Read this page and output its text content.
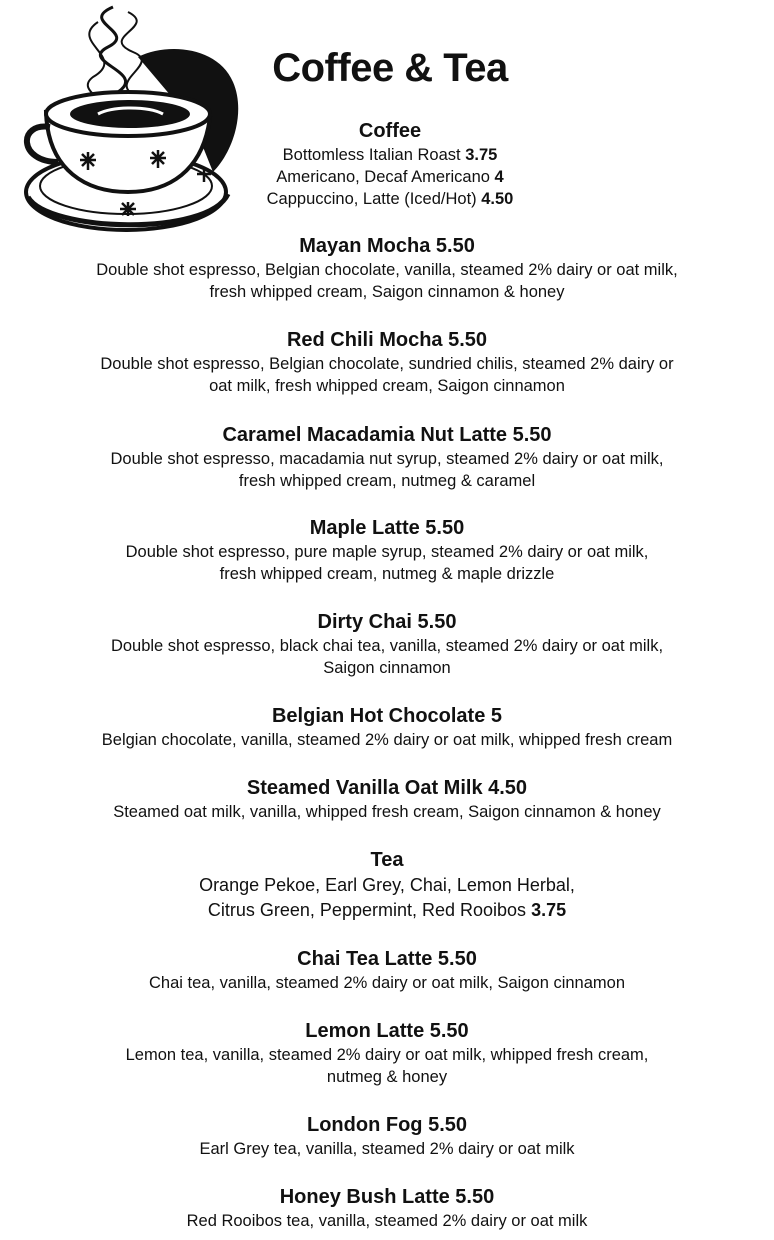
Coffee & Tea
Coffee
Bottomless Italian Roast 3.75
Americano, Decaf Americano 4
Cappuccino, Latte (Iced/Hot) 4.50
Mayan Mocha 5.50
Double shot espresso, Belgian chocolate, vanilla, steamed 2% dairy or oat milk,
fresh whipped cream, Saigon cinnamon & honey
Red Chili Mocha 5.50
Double shot espresso, Belgian chocolate, sundried chilis, steamed 2% dairy or
oat milk, fresh whipped cream, Saigon cinnamon
Caramel Macadamia Nut Latte 5.50
Double shot espresso, macadamia nut syrup, steamed 2% dairy or oat milk,
fresh whipped cream, nutmeg & caramel
Maple Latte 5.50
Double shot espresso, pure maple syrup, steamed 2% dairy or oat milk,
fresh whipped cream, nutmeg & maple drizzle
Dirty Chai 5.50
Double shot espresso, black chai tea, vanilla, steamed 2% dairy or oat milk,
Saigon cinnamon
Belgian Hot Chocolate 5
Belgian chocolate, vanilla, steamed 2% dairy or oat milk, whipped fresh cream
Steamed Vanilla Oat Milk 4.50
Steamed oat milk, vanilla, whipped fresh cream, Saigon cinnamon & honey
Tea
Orange Pekoe, Earl Grey, Chai, Lemon Herbal,
Citrus Green, Peppermint, Red Rooibos 3.75
Chai Tea Latte 5.50
Chai tea, vanilla, steamed 2% dairy or oat milk, Saigon cinnamon
Lemon Latte 5.50
Lemon tea, vanilla, steamed 2% dairy or oat milk, whipped fresh cream,
nutmeg & honey
London Fog 5.50
Earl Grey tea, vanilla, steamed 2% dairy or oat milk
Honey Bush Latte 5.50
Red Rooibos tea, vanilla, steamed 2% dairy or oat milk
